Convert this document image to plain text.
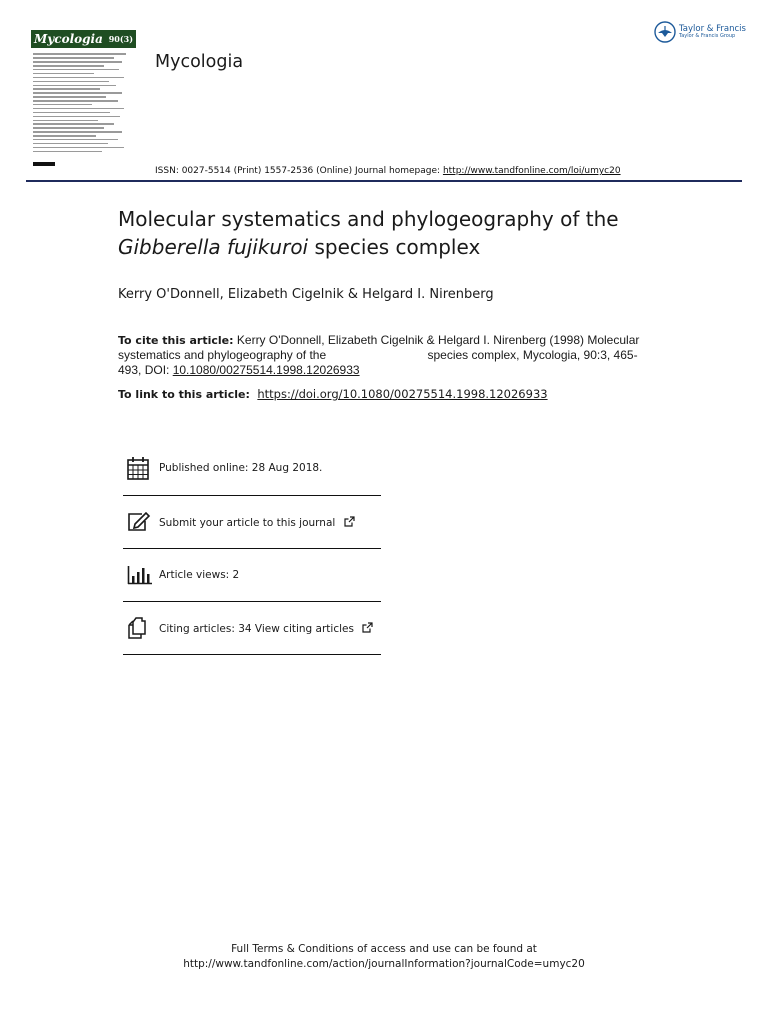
Mycologia 90(3)
Mycologia
Taylor & Francis
Taylor & Francis Group
ISSN: 0027-5514 (Print) 1557-2536 (Online) Journal homepage: http://www.tandfonline.com/loi/umyc20
Molecular systematics and phylogeography of the
Gibberella fujikuroi species complex
Kerry O'Donnell, Elizabeth Cigelnik & Helgard I. Nirenberg
To cite this article: Kerry O'Donnell, Elizabeth Cigelnik & Helgard I. Nirenberg (1998) Molecular systematics and phylogeography of the	species complex, Mycologia, 90:3, 465-493, DOI: 10.1080/00275514.1998.12026933
To link to this article: https://doi.org/10.1080/00275514.1998.12026933
Published online: 28 Aug 2018.
Submit your article to this journal
Article views: 2
Citing articles: 34 View citing articles
Full Terms & Conditions of access and use can be found at
http://www.tandfonline.com/action/journalInformation?journalCode=umyc20
